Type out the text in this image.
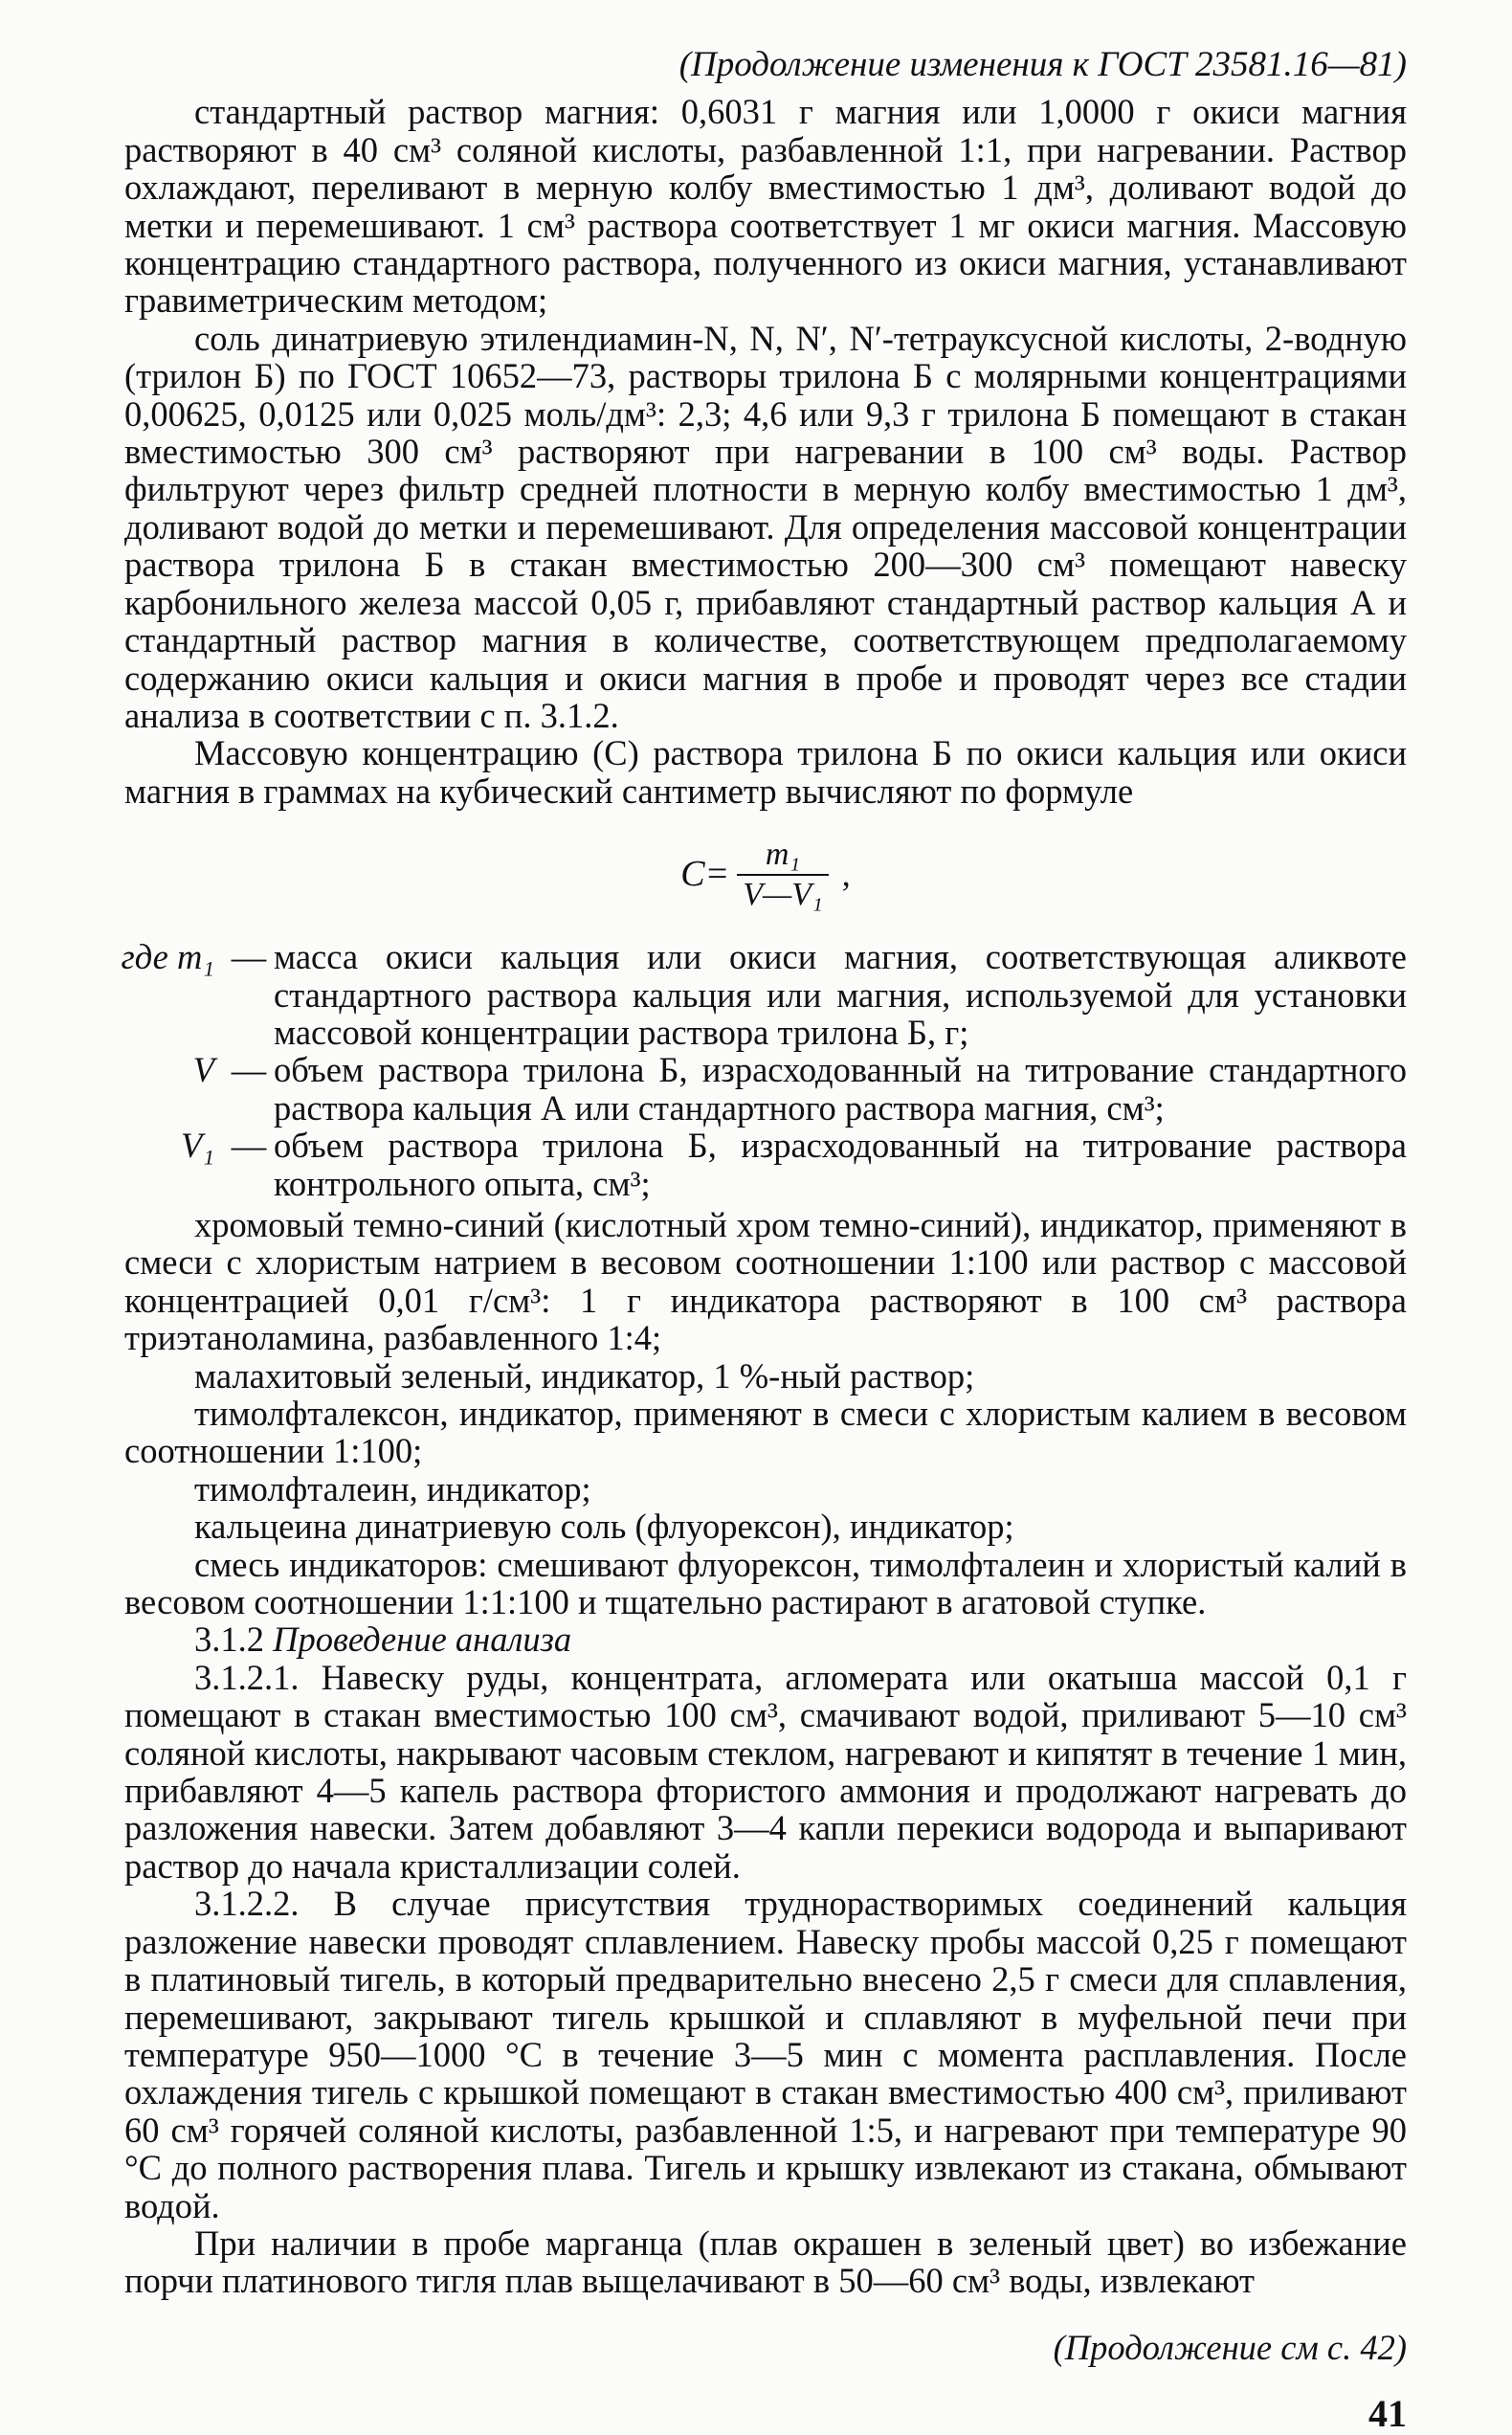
(Продолжение изменения к ГОСТ 23581.16—81)

стандартный раствор магния: 0,6031 г магния или 1,0000 г окиси магния растворяют в 40 см³ соляной кислоты, разбавленной 1:1, при нагревании. Раствор охлаждают, переливают в мерную колбу вместимостью 1 дм³, доливают водой до метки и перемешивают. 1 см³ раствора соответствует 1 мг окиси магния. Массовую концентрацию стандартного раствора, полученного из окиси магния, устанавливают гравиметрическим методом;

соль динатриевую этилендиамин-N, N, N′, N′-тетрауксусной кислоты, 2-водную (трилон Б) по ГОСТ 10652—73, растворы трилона Б с молярными концентрациями 0,00625, 0,0125 или 0,025 моль/дм³: 2,3; 4,6 или 9,3 г трилона Б помещают в стакан вместимостью 300 см³ растворяют при нагревании в 100 см³ воды. Раствор фильтруют через фильтр средней плотности в мерную колбу вместимостью 1 дм³, доливают водой до метки и перемешивают. Для определения массовой концентрации раствора трилона Б в стакан вместимостью 200—300 см³ помещают навеску карбонильного железа массой 0,05 г, прибавляют стандартный раствор кальция А и стандартный раствор магния в количестве, соответствующем предполагаемому содержанию окиси кальция и окиси магния в пробе и проводят через все стадии анализа в соответствии с п. 3.1.2.

Массовую концентрацию (C) раствора трилона Б по окиси кальция или окиси магния в граммах на кубический сантиметр вычисляют по формуле

$C= \frac{\text{m₁}}{\text{V—V₁}}$ ,
где m₁ — масса окиси кальция или окиси магния, соответствующая аликвоте стандартного раствора кальция или магния, используемой для установки массовой концентрации раствора трилона Б, г;
V — объем раствора трилона Б, израсходованный на титрование стандартного раствора кальция А или стандартного раствора магния, см³;
V₁ — объем раствора трилона Б, израсходованный на титрование раствора контрольного опыта, см³;

хромовый темно-синий (кислотный хром темно-синий), индикатор, применяют в смеси с хлористым натрием в весовом соотношении 1:100 или раствор с массовой концентрацией 0,01 г/см³: 1 г индикатора растворяют в 100 см³ раствора триэтаноламина, разбавленного 1:4;

малахитовый зеленый, индикатор, 1 %-ный раствор;

тимолфталексон, индикатор, применяют в смеси с хлористым калием в весовом соотношении 1:100;

тимолфталеин, индикатор;

кальцеина динатриевую соль (флуорексон), индикатор;

смесь индикаторов: смешивают флуорексон, тимолфталеин и хлористый калий в весовом соотношении 1:1:100 и тщательно растирают в агатовой ступке.

3.1.2 Проведение анализа

3.1.2.1. Навеску руды, концентрата, агломерата или окатыша массой 0,1 г помещают в стакан вместимостью 100 см³, смачивают водой, приливают 5—10 см³ соляной кислоты, накрывают часовым стеклом, нагревают и кипятят в течение 1 мин, прибавляют 4—5 капель раствора фтористого аммония и продолжают нагревать до разложения навески. Затем добавляют 3—4 капли перекиси водорода и выпаривают раствор до начала кристаллизации солей.

3.1.2.2. В случае присутствия труднорастворимых соединений кальция разложение навески проводят сплавлением. Навеску пробы массой 0,25 г помещают в платиновый тигель, в который предварительно внесено 2,5 г смеси для сплавления, перемешивают, закрывают тигель крышкой и сплавляют в муфельной печи при температуре 950—1000 °С в течение 3—5 мин с момента расплавления. После охлаждения тигель с крышкой помещают в стакан вместимостью 400 см³, приливают 60 см³ горячей соляной кислоты, разбавленной 1:5, и нагревают при температуре 90 °С до полного растворения плава. Тигель и крышку извлекают из стакана, обмывают водой.

При наличии в пробе марганца (плав окрашен в зеленый цвет) во избежание порчи платинового тигля плав выщелачивают в 50—60 см³ воды, извлекают

(Продолжение см с. 42)
41
